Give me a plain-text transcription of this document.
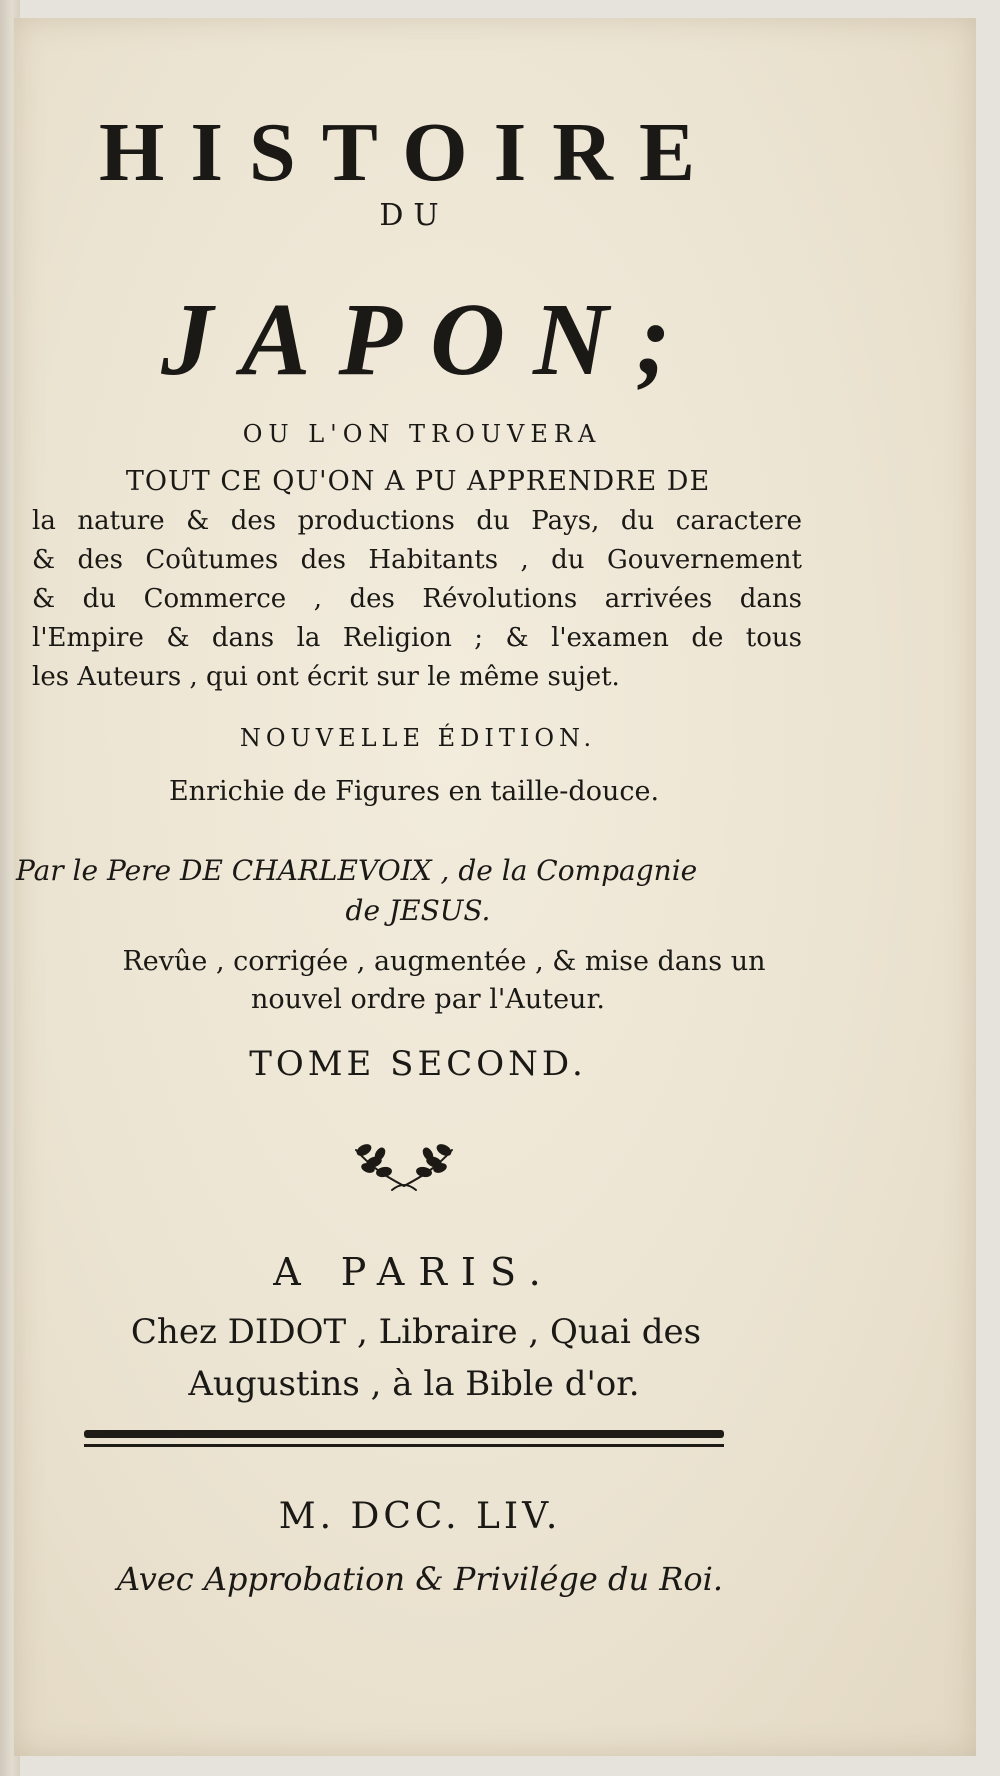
HISTOIRE
DU
JAPON;
OU L'ON TROUVERA
TOUT CE QU'ON A PU APPRENDRE DE
la nature & des productions du Pays, du caractere
& des Coûtumes des Habitants , du Gouvernement
& du Commerce , des Révolutions arrivées dans
l'Empire & dans la Religion ; & l'examen de tous
les Auteurs , qui ont écrit sur le même sujet.
NOUVELLE ÉDITION.
Enrichie de Figures en taille-douce.
Par le Pere DE CHARLEVOIX , de la Compagnie
de JESUS.
Revûe , corrigée , augmentée , & mise dans un
nouvel ordre par l'Auteur.
TOME SECOND.
A PARIS.
Chez DIDOT , Libraire , Quai des
Augustins , à la Bible d'or.
M. DCC. LIV.
Avec Approbation & Privilége du Roi.
